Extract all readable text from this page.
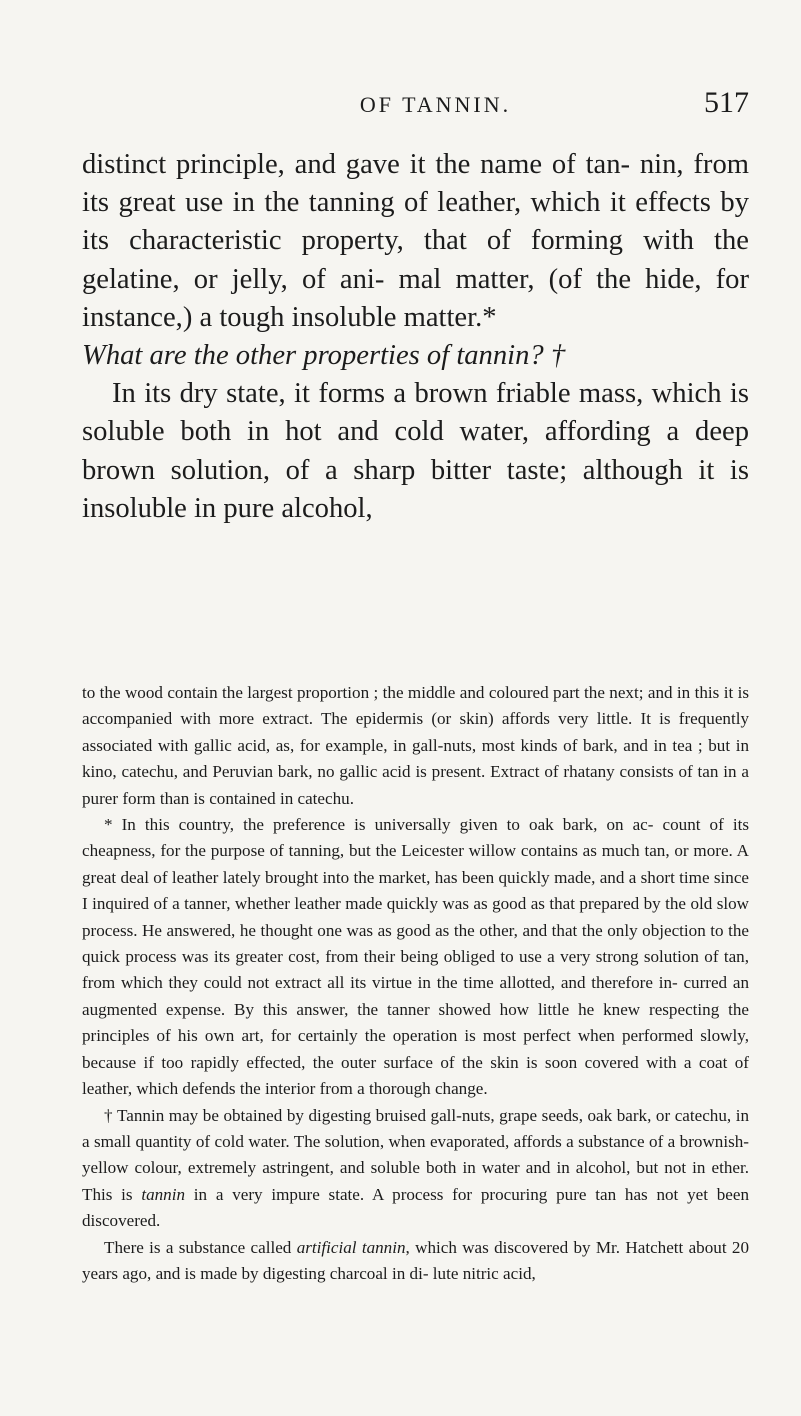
OF TANNIN.	517

distinct principle, and gave it the name of tan- nin, from its great use in the tanning of leather, which it effects by its characteristic property, that of forming with the gelatine, or jelly, of ani- mal matter, (of the hide, for instance,) a tough insoluble matter.*

What are the other properties of tannin? †

In its dry state, it forms a brown friable mass, which is soluble both in hot and cold water, affording a deep brown solution, of a sharp bitter taste; although it is insoluble in pure alcohol,

to the wood contain the largest proportion ; the middle and coloured part the next; and in this it is accompanied with more extract. The epidermis (or skin) affords very little. It is frequently associated with gallic acid, as, for example, in gall-nuts, most kinds of bark, and in tea ; but in kino, catechu, and Peruvian bark, no gallic acid is present. Extract of rhatany consists of tan in a purer form than is contained in catechu.

* In this country, the preference is universally given to oak bark, on ac- count of its cheapness, for the purpose of tanning, but the Leicester willow contains as much tan, or more. A great deal of leather lately brought into the market, has been quickly made, and a short time since I inquired of a tanner, whether leather made quickly was as good as that prepared by the old slow process. He answered, he thought one was as good as the other, and that the only objection to the quick process was its greater cost, from their being obliged to use a very strong solution of tan, from which they could not extract all its virtue in the time allotted, and therefore in- curred an augmented expense. By this answer, the tanner showed how little he knew respecting the principles of his own art, for certainly the operation is most perfect when performed slowly, because if too rapidly effected, the outer surface of the skin is soon covered with a coat of leather, which defends the interior from a thorough change.

† Tannin may be obtained by digesting bruised gall-nuts, grape seeds, oak bark, or catechu, in a small quantity of cold water. The solution, when evaporated, affords a substance of a brownish-yellow colour, extremely astringent, and soluble both in water and in alcohol, but not in ether. This is tannin in a very impure state. A process for procuring pure tan has not yet been discovered.

There is a substance called artificial tannin, which was discovered by Mr. Hatchett about 20 years ago, and is made by digesting charcoal in di- lute nitric acid,
